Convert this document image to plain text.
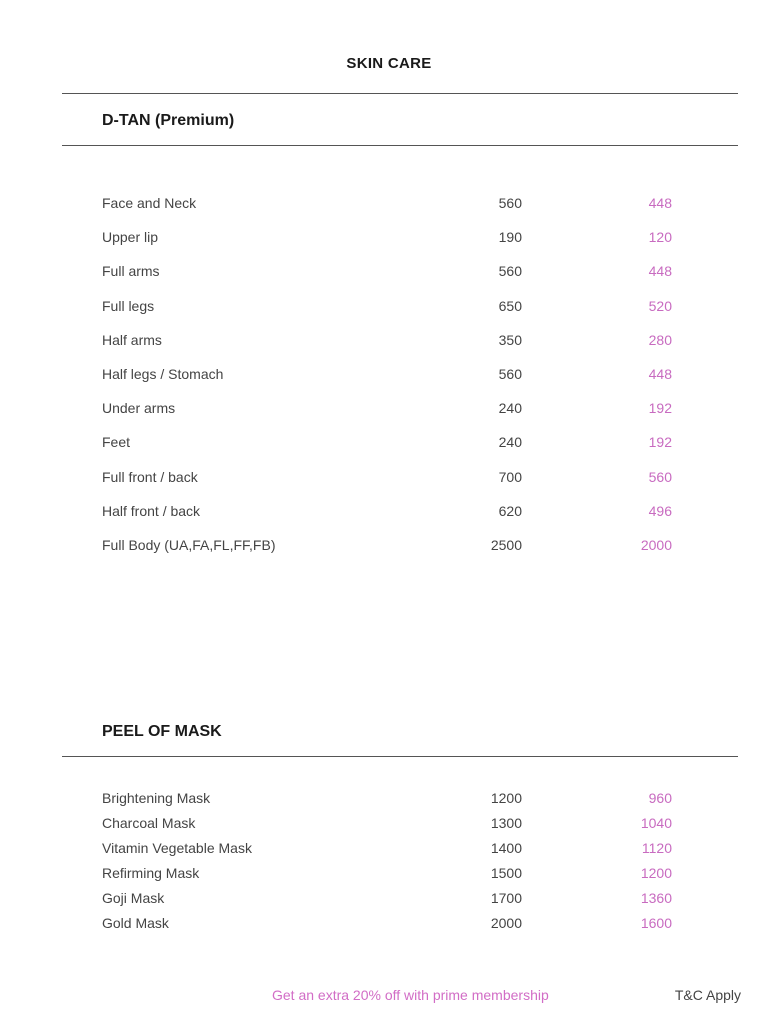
SKIN CARE
D-TAN (Premium)
Face and Neck	560	448
Upper lip	190	120
Full arms	560	448
Full legs	650	520
Half arms	350	280
Half legs / Stomach	560	448
Under arms	240	192
Feet	240	192
Full front / back	700	560
Half front / back	620	496
Full Body (UA,FA,FL,FF,FB)	2500	2000
PEEL OF MASK
Brightening Mask	1200	960
Charcoal Mask	1300	1040
Vitamin Vegetable Mask	1400	1120
Refirming Mask	1500	1200
Goji Mask	1700	1360
Gold Mask	2000	1600
Get an extra 20% off with prime membership	T&C Apply
